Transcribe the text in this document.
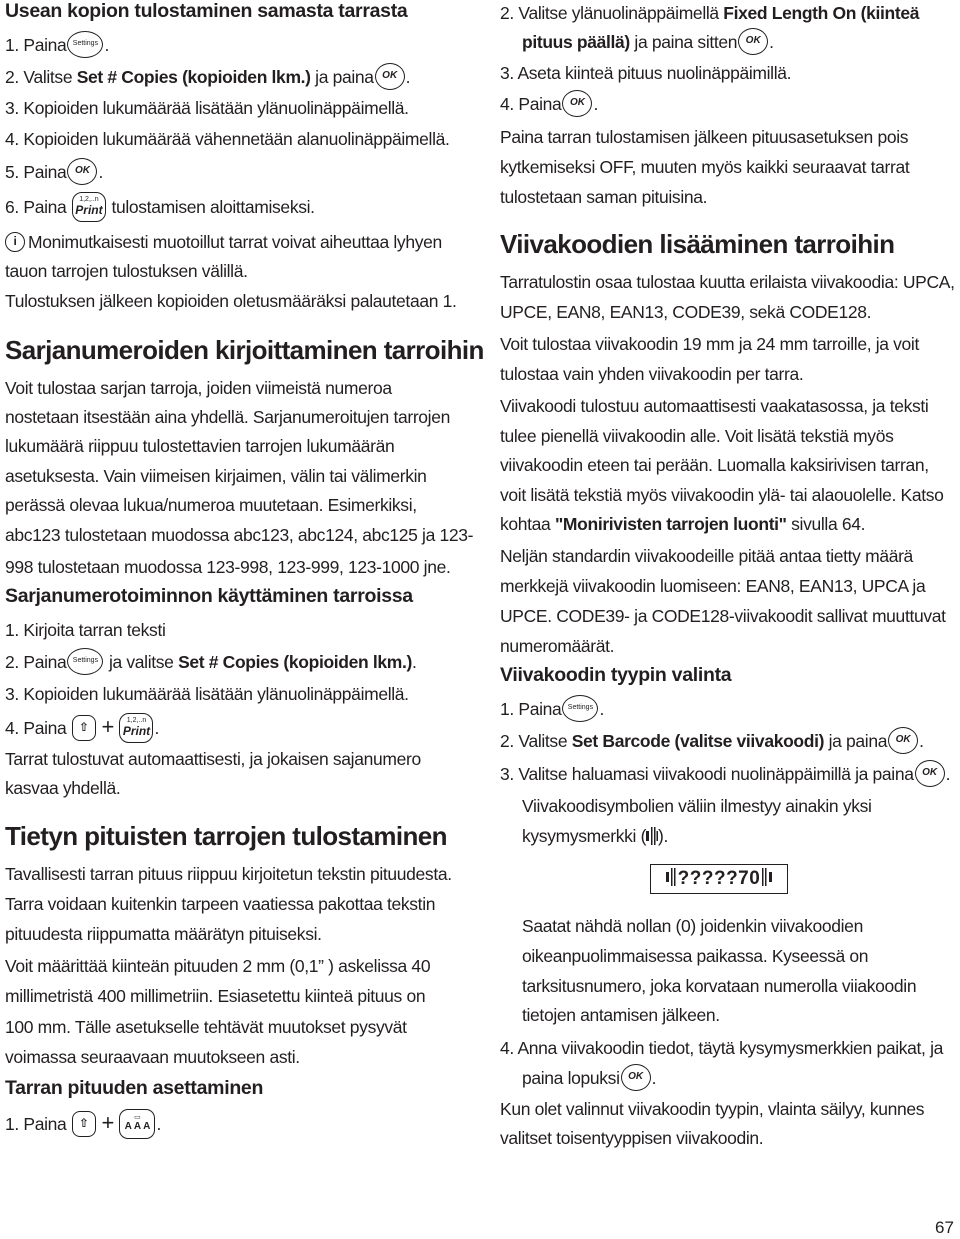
Usean kopion tulostaminen samasta tarrasta
1. Paina Settings .
2. Valitse Set # Copies (kopioiden lkm.) ja paina OK .
3. Kopioiden lukumäärää lisätään ylänuolinäppäimellä.
4. Kopioiden lukumäärää vähennetään alanuolinäppäimellä.
5. Paina OK .
6. Paina	1,2,..n
Print tulostamisen aloittamiseksi.
i Monimutkaisesti muotoillut tarrat voivat aiheuttaa lyhyen
tauon tarrojen tulostuksen välillä.
Tulostuksen jälkeen kopioiden oletusmääräksi palautetaan 1.
Sarjanumeroiden kirjoittaminen tarroihin
Voit tulostaa sarjan tarroja, joiden viimeistä numeroa
nostetaan itsestään aina yhdellä. Sarjanumeroitujen tarrojen
lukumäärä riippuu tulostettavien tarrojen lukumäärän
asetuksesta. Vain viimeisen kirjaimen, välin tai välimerkin
perässä olevaa lukua/numeroa muutetaan. Esimerkiksi,
abc123 tulostetaan muodossa abc123, abc124, abc125 ja 123-
998 tulostetaan muodossa 123-998, 123-999, 123-1000 jne.
Sarjanumerotoiminnon käyttäminen tarroissa
1. Kirjoita tarran teksti
2. Paina Settings ja valitse Set # Copies (kopioiden lkm.).
3. Kopioiden lukumäärää lisätään ylänuolinäppäimellä.
4. Paina ⇧ +	1,2,..n
Print .
Tarrat tulostuvat automaattisesti, ja jokaisen sajanumero
kasvaa yhdellä.
Tietyn pituisten tarrojen tulostaminen
Tavallisesti tarran pituus riippuu kirjoitetun tekstin pituudesta.
Tarra voidaan kuitenkin tarpeen vaatiessa pakottaa tekstin
pituudesta riippumatta määrätyn pituiseksi.
Voit määrittää kiinteän pituuden 2 mm (0,1” ) askelissa 40
millimetristä 400 millimetriin. Esiasetettu kiinteä pituus on
100 mm. Tälle asetukselle tehtävät muutokset pysyvät
voimassa seuraavaan muutokseen asti.
Tarran pituuden asettaminen
1. Paina ⇧ +	▭
A A A .
2. Valitse ylänuolinäppäimellä Fixed Length On (kiinteä
pituus päällä) ja paina sitten OK .
3. Aseta kiinteä pituus nuolinäppäimillä.
4. Paina OK .
Paina tarran tulostamisen jälkeen pituusasetuksen pois
kytkemiseksi OFF, muuten myös kaikki seuraavat tarrat
tulostetaan saman pituisina.
Viivakoodien lisääminen tarroihin
Tarratulostin osaa tulostaa kuutta erilaista viivakoodia: UPCA,
UPCE, EAN8, EAN13, CODE39, sekä CODE128.
Voit tulostaa viivakoodin 19 mm ja 24 mm tarroille, ja voit
tulostaa vain yhden viivakoodin per tarra.
Viivakoodi tulostuu automaattisesti vaakatasossa, ja teksti
tulee pienellä viivakoodin alle. Voit lisätä tekstiä myös
viivakoodin eteen tai perään. Luomalla kaksirivisen tarran,
voit lisätä tekstiä myös viivakoodin ylä- tai alaouolelle. Katso
kohtaa "Monirivisten tarrojen luonti" sivulla 64.
Neljän standardin viivakoodeille pitää antaa tietty määrä
merkkejä viivakoodin luomiseen: EAN8, EAN13, UPCA ja
UPCE. CODE39- ja CODE128-viivakoodit sallivat muuttuvat
numeromäärät.
Viivakoodin tyypin valinta
1. Paina Settings .
2. Valitse Set Barcode (valitse viivakoodi) ja paina OK .
3. Valitse haluamasi viivakoodi nuolinäppäimillä ja paina OK .
Viivakoodisymbolien väliin ilmestyy ainakin yksi
kysymysmerkki ( ).
?????70
Saatat nähdä nollan (0) joidenkin viivakoodien
oikeanpuolimmaisessa paikassa. Kyseessä on
tarksitusnumero, joka korvataan numerolla viiakoodin
tietojen antamisen jälkeen.
4. Anna viivakoodin tiedot, täytä kysymysmerkkien paikat, ja
paina lopuksi OK .
Kun olet valinnut viivakoodin tyypin, vlainta säilyy, kunnes
valitset toisentyyppisen viivakoodin.
67
